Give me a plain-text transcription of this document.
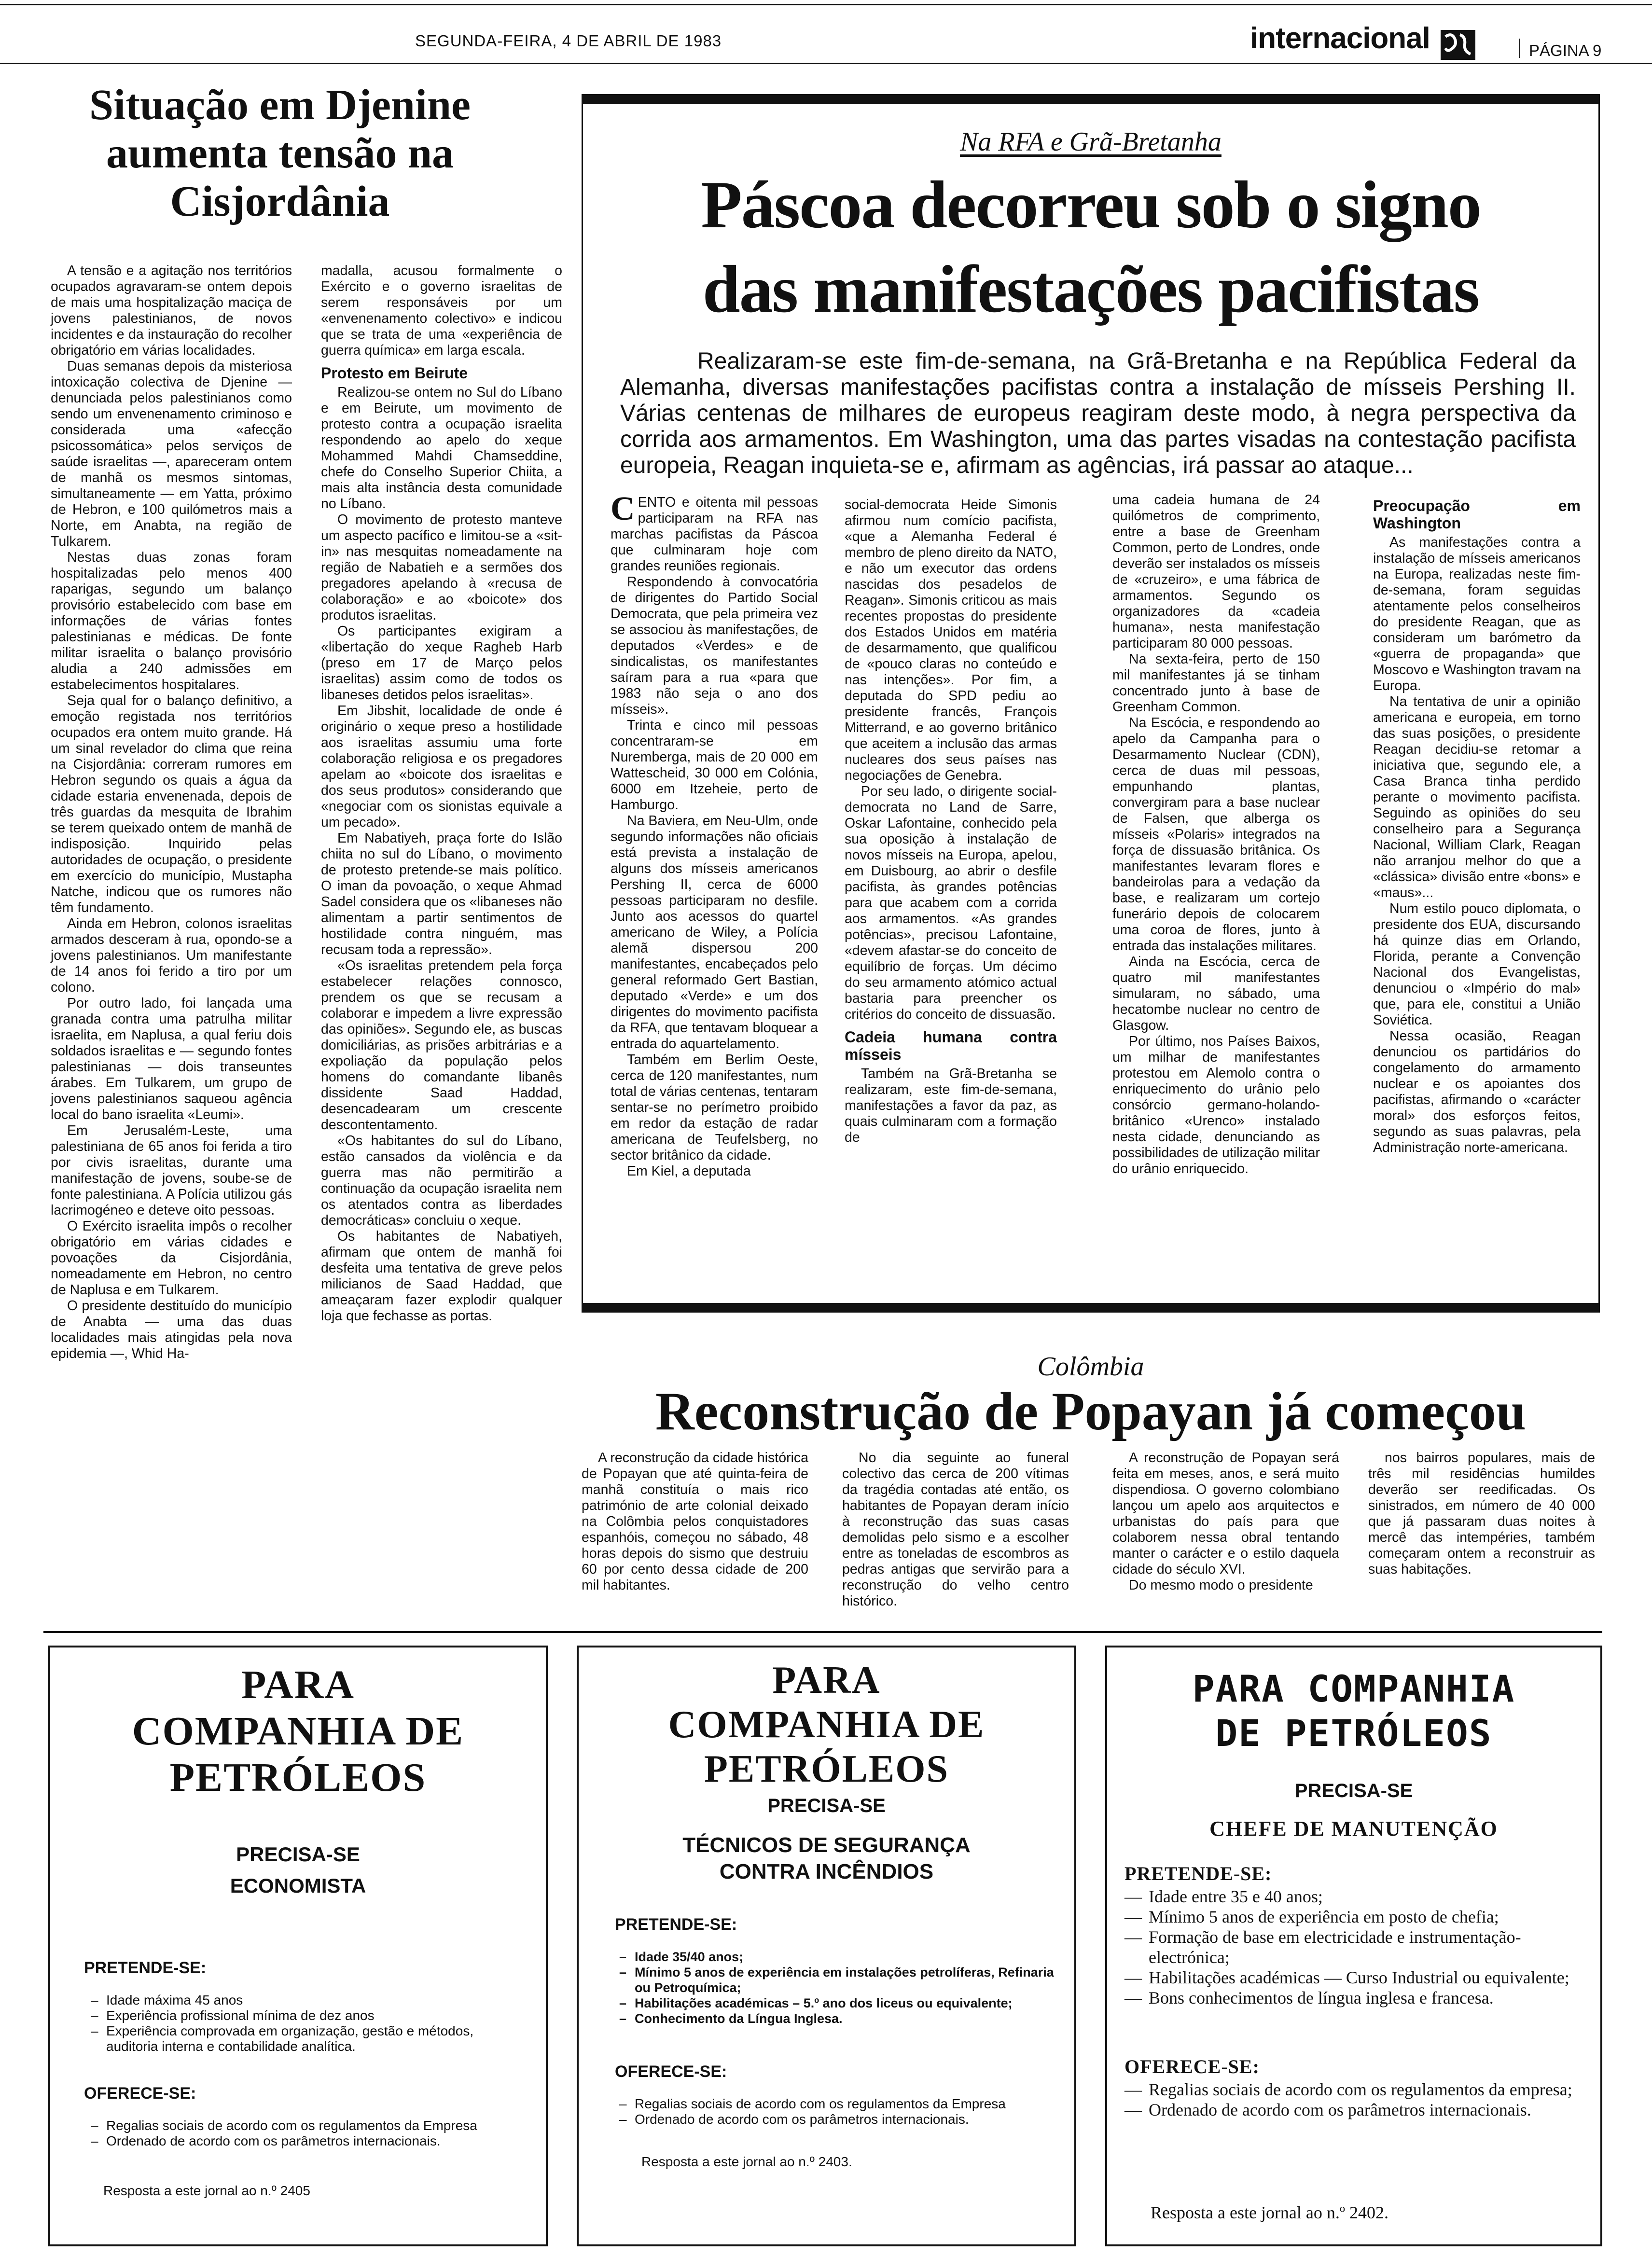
SEGUNDA-FEIRA, 4 DE ABRIL DE 1983	internacional
DL
PÁGINA 9
Situação em Djenine aumenta tensão na Cisjordânia

A tensão e a agitação nos territórios ocupados agravaram-se ontem depois de mais uma hospitalização maciça de jovens palestinianos, de novos incidentes e da instauração do recolher obrigatório em várias localidades.

Duas semanas depois da misteriosa intoxicação colectiva de Djenine — denunciada pelos palestinianos como sendo um envenenamento criminoso e considerada uma «afecção psicossomática» pelos serviços de saúde israelitas —, apareceram ontem de manhã os mesmos sintomas, simultaneamente — em Yatta, próximo de Hebron, e 100 quilómetros mais a Norte, em Anabta, na região de Tulkarem.

Nestas duas zonas foram hospitalizadas pelo menos 400 raparigas, segundo um balanço provisório estabelecido com base em informações de várias fontes palestinianas e médicas. De fonte militar israelita o balanço provisório aludia a 240 admissões em estabelecimentos hospitalares.

Seja qual for o balanço definitivo, a emoção registada nos territórios ocupados era ontem muito grande. Há um sinal revelador do clima que reina na Cisjordânia: correram rumores em Hebron segundo os quais a água da cidade estaria envenenada, depois de três guardas da mesquita de Ibrahim se terem queixado ontem de manhã de indisposição. Inquirido pelas autoridades de ocupação, o presidente em exercício do município, Mustapha Natche, indicou que os rumores não têm fundamento.

Ainda em Hebron, colonos israelitas armados desceram à rua, opondo-se a jovens palestinianos. Um manifestante de 14 anos foi ferido a tiro por um colono.

Por outro lado, foi lançada uma granada contra uma patrulha militar israelita, em Naplusa, a qual feriu dois soldados israelitas e — segundo fontes palestinianas — dois transeuntes árabes. Em Tulkarem, um grupo de jovens palestinianos saqueou agência local do bano israelita «Leumi».

Em Jerusalém-Leste, uma palestiniana de 65 anos foi ferida a tiro por civis israelitas, durante uma manifestação de jovens, soube-se de fonte palestiniana. A Polícia utilizou gás lacrimogéneo e deteve oito pessoas.

O Exército israelita impôs o recolher obrigatório em várias cidades e povoações da Cisjordânia, nomeadamente em Hebron, no centro de Naplusa e em Tulkarem.

O presidente destituído do município de Anabta — uma das duas localidades mais atingidas pela nova epidemia —, Whid Ha-

madalla, acusou formalmente o Exército e o governo israelitas de serem responsáveis por um «envenenamento colectivo» e indicou que se trata de uma «experiência de guerra química» em larga escala.

Protesto em Beirute

Realizou-se ontem no Sul do Líbano e em Beirute, um movimento de protesto contra a ocupação israelita respondendo ao apelo do xeque Mohammed Mahdi Chamseddine, chefe do Conselho Superior Chiita, a mais alta instância desta comunidade no Líbano.

O movimento de protesto manteve um aspecto pacífico e limitou-se a «sit-in» nas mesquitas nomeadamente na região de Nabatieh e a sermões dos pregadores apelando à «recusa de colaboração» e ao «boicote» dos produtos israelitas.

Os participantes exigiram a «libertação do xeque Ragheb Harb (preso em 17 de Março pelos israelitas) assim como de todos os libaneses detidos pelos israelitas».

Em Jibshit, localidade de onde é originário o xeque preso a hostilidade aos israelitas assumiu uma forte colaboração religiosa e os pregadores apelam ao «boicote dos israelitas e dos seus produtos» considerando que «negociar com os sionistas equivale a um pecado».

Em Nabatiyeh, praça forte do Islão chiita no sul do Líbano, o movimento de protesto pretende-se mais político. O iman da povoação, o xeque Ahmad Sadel considera que os «libaneses não alimentam a partir sentimentos de hostilidade contra ninguém, mas recusam toda a repressão».

«Os israelitas pretendem pela força estabelecer relações connosco, prendem os que se recusam a colaborar e impedem a livre expressão das opiniões». Segundo ele, as buscas domiciliárias, as prisões arbitrárias e a expoliação da população pelos homens do comandante libanês dissidente Saad Haddad, desencadearam um crescente descontentamento.

«Os habitantes do sul do Líbano, estão cansados da violência e da guerra mas não permitirão a continuação da ocupação israelita nem os atentados contra as liberdades democráticas» concluiu o xeque.

Os habitantes de Nabatiyeh, afirmam que ontem de manhã foi desfeita uma tentativa de greve pelos milicianos de Saad Haddad, que ameaçaram fazer explodir qualquer loja que fechasse as portas.

Na RFA e Grã-Bretanha
Páscoa decorreu sob o signo
das manifestações pacifistas
Realizaram-se este fim-de-semana, na Grã-Bretanha e na República Federal da Alemanha, diversas manifestações pacifistas contra a instalação de mísseis Pershing II. Várias centenas de milhares de europeus reagiram deste modo, à negra perspectiva da corrida aos armamentos. Em Washington, uma das partes visadas na contestação pacifista europeia, Reagan inquieta-se e, afirmam as agências, irá passar ao ataque...

CENTO e oitenta mil pessoas participaram na RFA nas marchas pacifistas da Páscoa que culminaram hoje com grandes reuniões regionais.

Respondendo à convocatória de dirigentes do Partido Social Democrata, que pela primeira vez se associou às manifestações, de deputados «Verdes» e de sindicalistas, os manifestantes saíram para a rua «para que 1983 não seja o ano dos mísseis».

Trinta e cinco mil pessoas concentraram-se em Nuremberga, mais de 20 000 em Wattescheid, 30 000 em Colónia, 6000 em Itzeheie, perto de Hamburgo.

Na Baviera, em Neu-Ulm, onde segundo informações não oficiais está prevista a instalação de alguns dos mísseis americanos Pershing II, cerca de 6000 pessoas participaram no desfile. Junto aos acessos do quartel americano de Wiley, a Polícia alemã dispersou 200 manifestantes, encabeçados pelo general reformado Gert Bastian, deputado «Verde» e um dos dirigentes do movimento pacifista da RFA, que tentavam bloquear a entrada do aquartelamento.

Também em Berlim Oeste, cerca de 120 manifestantes, num total de várias centenas, tentaram sentar-se no perímetro proibido em redor da estação de radar americana de Teufelsberg, no sector britânico da cidade.

Em Kiel, a deputada

social-democrata Heide Simonis afirmou num comício pacifista, «que a Alemanha Federal é membro de pleno direito da NATO, e não um executor das ordens nascidas dos pesadelos de Reagan». Simonis criticou as mais recentes propostas do presidente dos Estados Unidos em matéria de desarmamento, que qualificou de «pouco claras no conteúdo e nas intenções». Por fim, a deputada do SPD pediu ao presidente francês, François Mitterrand, e ao governo britânico que aceitem a inclusão das armas nucleares dos seus países nas negociações de Genebra.

Por seu lado, o dirigente social-democrata no Land de Sarre, Oskar Lafontaine, conhecido pela sua oposição à instalação de novos mísseis na Europa, apelou, em Duisbourg, ao abrir o desfile pacifista, às grandes potências para que acabem com a corrida aos armamentos. «As grandes potências», precisou Lafontaine, «devem afastar-se do conceito de equilíbrio de forças. Um décimo do seu armamento atómico actual bastaria para preencher os critérios do conceito de dissuasão.

Cadeia humana contra mísseis

Também na Grã-Bretanha se realizaram, este fim-de-semana, manifestações a favor da paz, as quais culminaram com a formação de

uma cadeia humana de 24 quilómetros de comprimento, entre a base de Greenham Common, perto de Londres, onde deverão ser instalados os mísseis de «cruzeiro», e uma fábrica de armamentos. Segundo os organizadores da «cadeia humana», nesta manifestação participaram 80 000 pessoas.

Na sexta-feira, perto de 150 mil manifestantes já se tinham concentrado junto à base de Greenham Common.

Na Escócia, e respondendo ao apelo da Campanha para o Desarmamento Nuclear (CDN), cerca de duas mil pessoas, empunhando plantas, convergiram para a base nuclear de Falsen, que alberga os mísseis «Polaris» integrados na força de dissuasão britânica. Os manifestantes levaram flores e bandeirolas para a vedação da base, e realizaram um cortejo funerário depois de colocarem uma coroa de flores, junto à entrada das instalações militares.

Ainda na Escócia, cerca de quatro mil manifestantes simularam, no sábado, uma hecatombe nuclear no centro de Glasgow.

Por último, nos Países Baixos, um milhar de manifestantes protestou em Alemolo contra o enriquecimento do urânio pelo consórcio germano-holando-britânico «Urenco» instalado nesta cidade, denunciando as possibilidades de utilização militar do urânio enriquecido.

Preocupação em Washington

As manifestações contra a instalação de mísseis americanos na Europa, realizadas neste fim-de-semana, foram seguidas atentamente pelos conselheiros do presidente Reagan, que as consideram um barómetro da «guerra de propaganda» que Moscovo e Washington travam na Europa.

Na tentativa de unir a opinião americana e europeia, em torno das suas posições, o presidente Reagan decidiu-se retomar a iniciativa que, segundo ele, a Casa Branca tinha perdido perante o movimento pacifista. Seguindo as opiniões do seu conselheiro para a Segurança Nacional, William Clark, Reagan não arranjou melhor do que a «clássica» divisão entre «bons» e «maus»...

Num estilo pouco diplomata, o presidente dos EUA, discursando há quinze dias em Orlando, Florida, perante a Convenção Nacional dos Evangelistas, denunciou o «Império do mal» que, para ele, constitui a União Soviética.

Nessa ocasião, Reagan denunciou os partidários do congelamento do armamento nuclear e os apoiantes dos pacifistas, afirmando o «carácter moral» dos esforços feitos, segundo as suas palavras, pela Administração norte-americana.

Colômbia
Reconstrução de Popayan já começou

A reconstrução da cidade histórica de Popayan que até quinta-feira de manhã constituía o mais rico património de arte colonial deixado na Colômbia pelos conquistadores espanhóis, começou no sábado, 48 horas depois do sismo que destruiu 60 por cento dessa cidade de 200 mil habitantes.

No dia seguinte ao funeral colectivo das cerca de 200 vítimas da tragédia contadas até então, os habitantes de Popayan deram início à reconstrução das suas casas demolidas pelo sismo e a escolher entre as toneladas de escombros as pedras antigas que servirão para a reconstrução do velho centro histórico.

A reconstrução de Popayan será feita em meses, anos, e será muito dispendiosa. O governo colombiano lançou um apelo aos arquitectos e urbanistas do país para que colaborem nessa obral tentando manter o carácter e o estilo daquela cidade do século XVI.

Do mesmo modo o presidente

nos bairros populares, mais de três mil residências humildes deverão ser reedificadas. Os sinistrados, em número de 40 000 que já passaram duas noites à mercê das intempéries, também começaram ontem a reconstruir as suas habitações.

PARA
COMPANHIA DE
PETRÓLEOS
PRECISA-SE
ECONOMISTA
PRETENDE-SE:
– Idade máxima 45 anos
– Experiência profissional mínima de dez anos
– Experiência comprovada em organização, gestão e métodos, auditoria interna e contabilidade analítica.
OFERECE-SE:
– Regalias sociais de acordo com os regulamentos da Empresa
– Ordenado de acordo com os parâmetros internacionais.
Resposta a este jornal ao n.º 2405
PARA
COMPANHIA DE
PETRÓLEOS
PRECISA-SE
TÉCNICOS DE SEGURANÇA
CONTRA INCÊNDIOS
PRETENDE-SE:
– Idade 35/40 anos;
– Mínimo 5 anos de experiência em instalações petrolíferas, Refinaria ou Petroquímica;
– Habilitações académicas – 5.º ano dos liceus ou equivalente;
– Conhecimento da Língua Inglesa.
OFERECE-SE:
– Regalias sociais de acordo com os regulamentos da Empresa
– Ordenado de acordo com os parâmetros internacionais.
Resposta a este jornal ao n.º 2403.
PARA COMPANHIA
DE PETRÓLEOS
PRECISA-SE
CHEFE DE MANUTENÇÃO
PRETENDE-SE:
— Idade entre 35 e 40 anos;
— Mínimo 5 anos de experiência em posto de chefia;
— Formação de base em electricidade e instrumentação-electrónica;
— Habilitações académicas — Curso Industrial ou equivalente;
— Bons conhecimentos de língua inglesa e francesa.
OFERECE-SE:
— Regalias sociais de acordo com os regulamentos da empresa;
— Ordenado de acordo com os parâmetros internacionais.
Resposta a este jornal ao n.º 2402.
